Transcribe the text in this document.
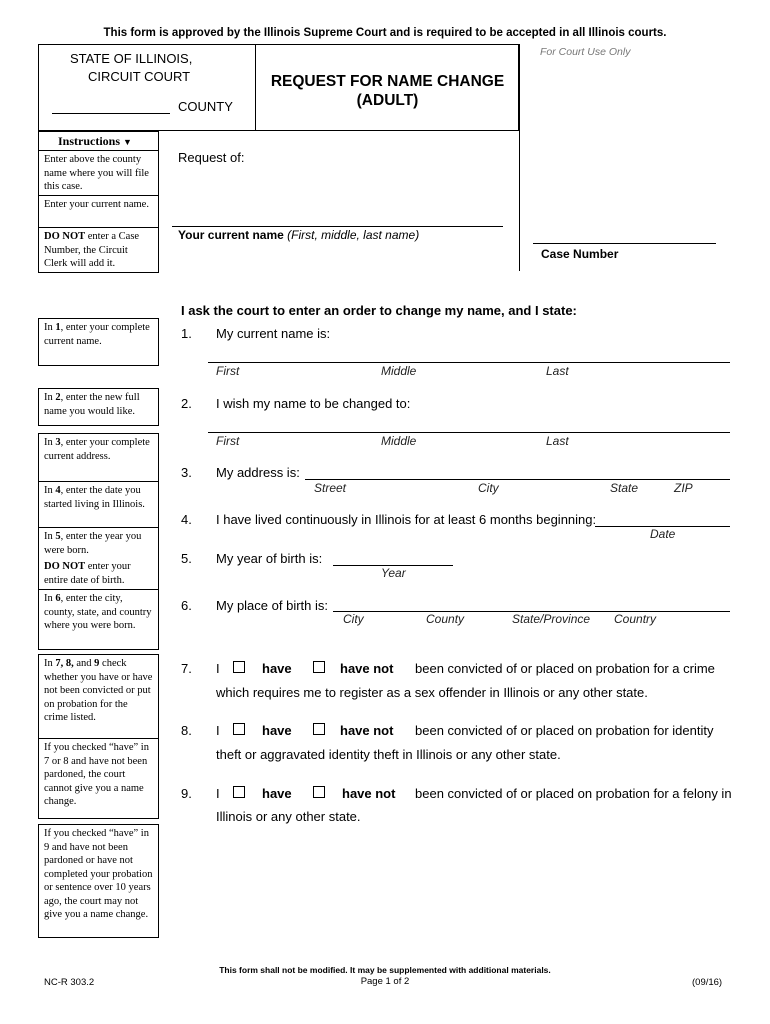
This form is approved by the Illinois Supreme Court and is required to be accepted in all Illinois courts.
STATE OF ILLINOIS,
CIRCUIT COURT
COUNTY
REQUEST FOR NAME CHANGE
(ADULT)
For Court Use Only
Case Number
Instructions ▼
Enter above the county name where you will file this case.
Enter your current name.
DO NOT enter a Case Number, the Circuit Clerk will add it.
Request of:
Your current name (First, middle, last name)
I ask the court to enter an order to change my name, and I state:
In 1, enter your complete current name.
In 2, enter the new full name you would like.
In 3, enter your complete current address.
In 4, enter the date you started living in Illinois.

In 5, enter the year you were born.

DO NOT enter your entire date of birth.

In 6, enter the city, county, state, and country where you were born.
In 7, 8, and 9 check whether you have or have not been convicted or put on probation for the crime listed.
If you checked “have” in 7 or 8 and have not been pardoned, the court cannot give you a name change.
If you checked “have” in 9 and have not been pardoned or have not completed your probation or sentence over 10 years ago, the court may not give you a name change.
1. My current name is:
First	Middle	Last
2. I wish my name to be changed to:
First	Middle	Last
3. My address is:
Street	City	State	ZIP
4. I have lived continuously in Illinois for at least 6 months beginning:
Date
5. My year of birth is:
Year
6. My place of birth is:
City	County	State/Province Country
7. I	have	have not been convicted of or placed on probation for a crime
which requires me to register as a sex offender in Illinois or any other state.
8. I	have	have not been convicted of or placed on probation for identity
theft or aggravated identity theft in Illinois or any other state.
9. I	have	have not been convicted of or placed on probation for a felony in
Illinois or any other state.
NC-R 303.2
This form shall not be modified. It may be supplemented with additional materials.
Page 1 of 2	(09/16)
